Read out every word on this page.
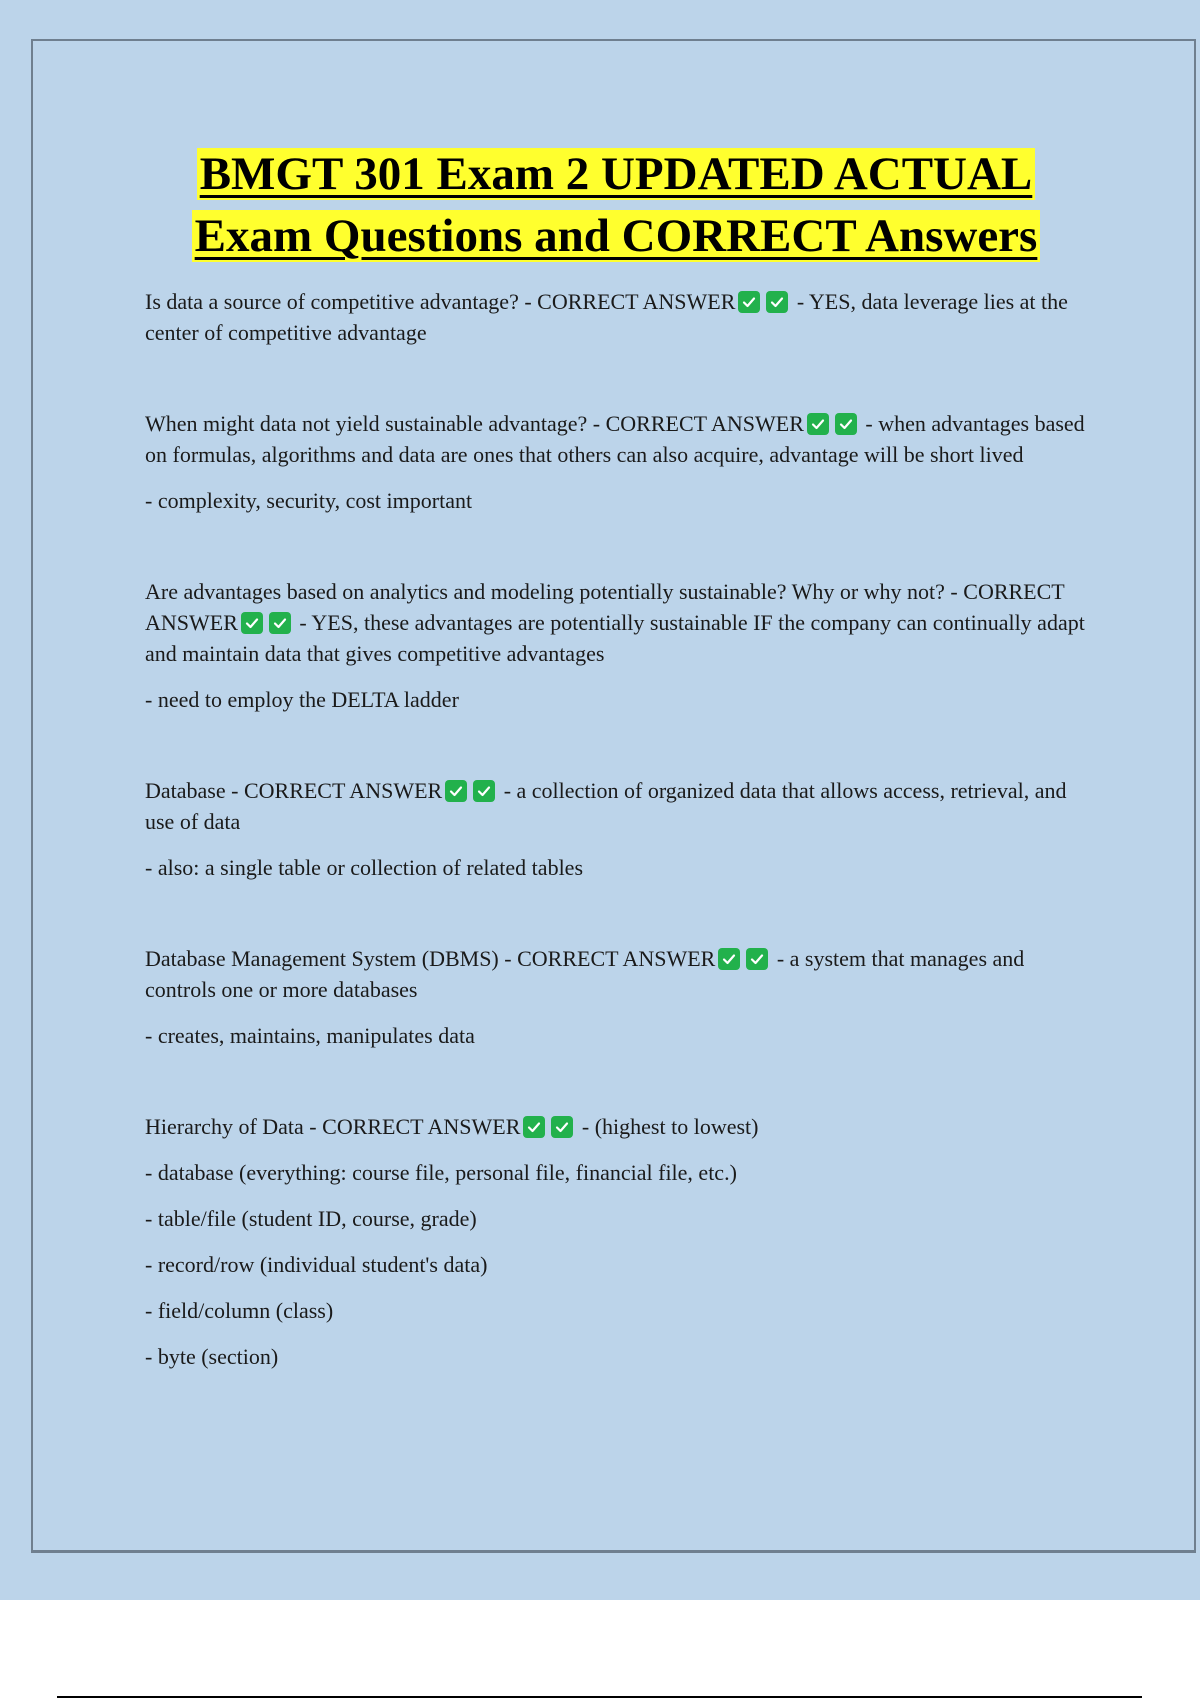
BMGT 301 Exam 2 UPDATED ACTUAL
Exam Questions and CORRECT Answers

Is data a source of competitive advantage? - CORRECT ANSWER	- YES, data leverage lies at the center of competitive advantage

When might data not yield sustainable advantage? - CORRECT ANSWER	- when advantages based on formulas, algorithms and data are ones that others can also acquire, advantage will be short lived

- complexity, security, cost important

Are advantages based on analytics and modeling potentially sustainable? Why or why not? - CORRECT ANSWER	- YES, these advantages are potentially sustainable IF the company can continually adapt and maintain data that gives competitive advantages

- need to employ the DELTA ladder

Database - CORRECT ANSWER	- a collection of organized data that allows access, retrieval, and use of data

- also: a single table or collection of related tables

Database Management System (DBMS) - CORRECT ANSWER	- a system that manages and controls one or more databases

- creates, maintains, manipulates data

Hierarchy of Data - CORRECT ANSWER	- (highest to lowest)

- database (everything: course file, personal file, financial file, etc.)

- table/file (student ID, course, grade)

- record/row (individual student's data)

- field/column (class)

- byte (section)
